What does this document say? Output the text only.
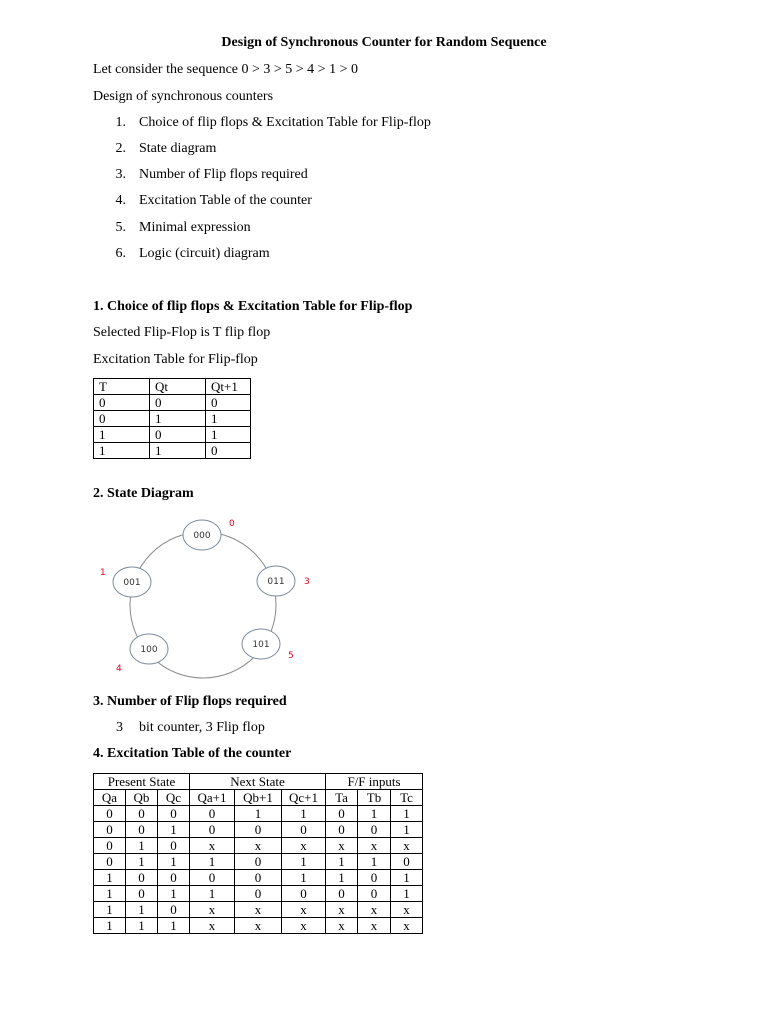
Design of Synchronous Counter for Random Sequence
Let consider the sequence 0 > 3 > 5 > 4 > 1 > 0
Design of synchronous counters
1. Choice of flip flops & Excitation Table for Flip-flop
2. State diagram
3. Number of Flip flops required
4. Excitation Table of the counter
5. Minimal expression
6. Logic (circuit) diagram
1. Choice of flip flops & Excitation Table for Flip-flop
Selected Flip-Flop is T flip flop
Excitation Table for Flip-flop
T	Qt	Qt+1
0	0	0
0	1	1
1	0	1
1	1	0
2. State Diagram
000
011
101
100
001
0
3
5
4
1
3. Number of Flip flops required
3 bit counter, 3 Flip flop
4. Excitation Table of the counter
Present State			Next State			F/F inputs		
Qa	Qb	Qc	Qa+1	Qb+1	Qc+1	Ta	Tb	Tc
0	0	0	0	1	1	0	1	1
0	0	1	0	0	0	0	0	1
0	1	0	x	x	x	x	x	x
0	1	1	1	0	1	1	1	0
1	0	0	0	0	1	1	0	1
1	0	1	1	0	0	0	0	1
1	1	0	x	x	x	x	x	x
1	1	1	x	x	x	x	x	x
